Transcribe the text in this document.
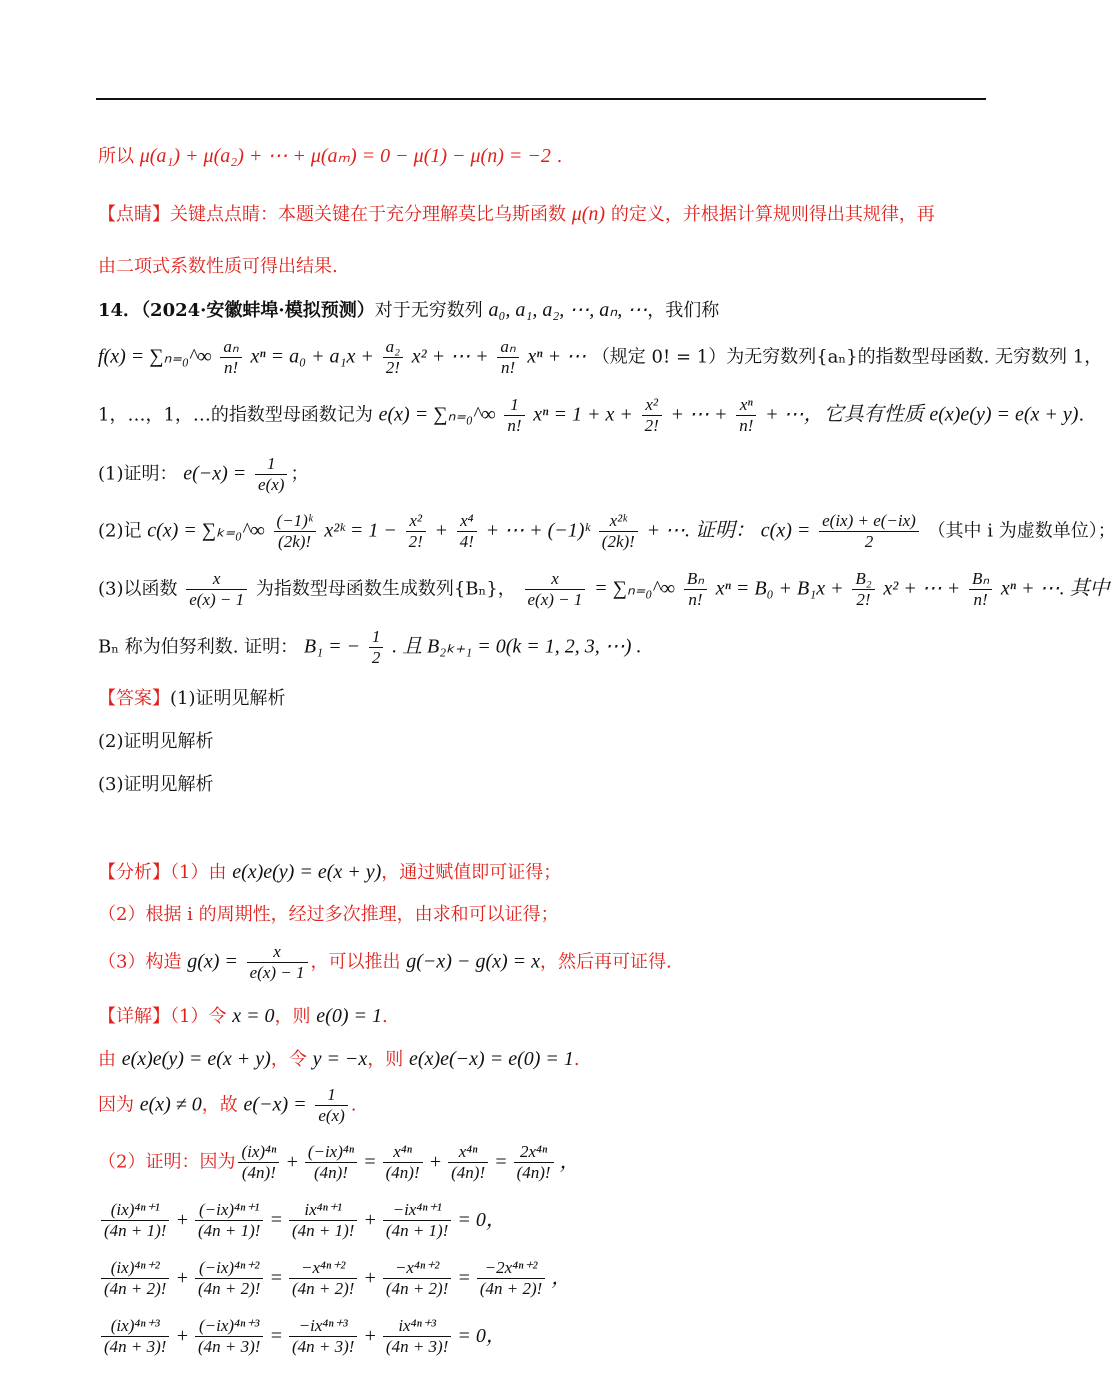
所以 μ(a₁) + μ(a₂) + ⋯ + μ(aₘ) = 0 − μ(1) − μ(n) = −2 .
【点睛】关键点点睛：本题关键在于充分理解莫比乌斯函数 μ(n) 的定义，并根据计算规则得出其规律，再
由二项式系数性质可得出结果.
14．（2024·安徽蚌埠·模拟预测）对于无穷数列 a₀, a₁, a₂, ⋯, aₙ, ⋯，我们称
f(x) = ∑ₙ₌₀^∞ $\frac{\text{aₙ}}{n!}$ $x^n = a_0 + a_1x + \frac{\text{a₂}}{2!} x^2$ + ⋯ + $\frac{\text{aₙ}}{n!}$ xⁿ + ⋯ （规定 0! = 1）为无穷数列{aₙ}的指数型母函数. 无穷数列 1，
1，…，1，…的指数型母函数记为 e(x) = ∑ₙ₌₀^∞ $\frac{1}{n!}$ $x^n = 1 + x + \frac{\text{x²}}{2!}$ + ⋯ + $\frac{\text{xⁿ}}{n!}$ + ⋯，它具有性质 e(x)e(y) = e(x + y).
(1)证明： $e(-x) = \frac{1}{e(x)}$ ；
(2)记 c(x) = ∑ₖ₌₀^∞ $\frac{\text{(−1)ᵏ}}{(2k)!}$ x²ᵏ = $1 - \frac{\text{x²}}{2!} + \frac{\text{x⁴}}{4!}$ + ⋯ + (−1)ᵏ $\frac{\text{x²ᵏ}}{(2k)!}$ + ⋯. 证明： $c(x) = \frac{e(ix) + e(-ix)}{2}$ （其中 i 为虚数单位）；
(3)以函数 $\frac{x}{e(x) - 1}$ 为指数型母函数生成数列{Bₙ}， $\frac{x}{e(x) - 1}$ = ∑ₙ₌₀^∞ $\frac{\text{Bₙ}}{n!}$ $x^n = B_0 + B_1x + \frac{\text{B₂}}{2!} x^2$ + ⋯ + $\frac{\text{Bₙ}}{n!}$ xⁿ + ⋯. 其中
Bₙ 称为伯努利数. 证明： B₁ = − $\frac{1}{2}$ . 且 B₂ₖ₊₁ = 0(k = 1, 2, 3, ⋯) .
【答案】(1)证明见解析
(2)证明见解析
(3)证明见解析
【分析】（1）由 e(x)e(y) = e(x + y)，通过赋值即可证得；
（2）根据 i 的周期性，经过多次推理，由求和可以证得；
（3）构造 $g(x) = \frac{x}{e(x) - 1}$ ，可以推出 g(−x) − g(x) = x，然后再可证得.
【详解】（1）令 x = 0，则 e(0) = 1.
由 e(x)e(y) = e(x + y)，令 y = −x，则 e(x)e(−x) = e(0) = 1.
因为 e(x) ≠ 0，故 $e(-x) = \frac{1}{e(x)}$ .
（2）证明：因为 $\frac{\text{(ix)⁴ⁿ}}{(4n)!} + \frac{\text{(−ix)⁴ⁿ}}{(4n)!} = \frac{\text{x⁴ⁿ}}{(4n)!} + \frac{\text{x⁴ⁿ}}{(4n)!} = \frac{\text{2x⁴ⁿ}}{(4n)!}$ ，
$\frac{\text{(ix)⁴ⁿ⁺¹}}{(4n + 1)!} + \frac{\text{(−ix)⁴ⁿ⁺¹}}{(4n + 1)!} = \frac{\text{ix⁴ⁿ⁺¹}}{(4n + 1)!} + \frac{\text{−ix⁴ⁿ⁺¹}}{(4n + 1)!} = 0$，
$\frac{\text{(ix)⁴ⁿ⁺²}}{(4n + 2)!} + \frac{\text{(−ix)⁴ⁿ⁺²}}{(4n + 2)!} = \frac{\text{−x⁴ⁿ⁺²}}{(4n + 2)!} + \frac{\text{−x⁴ⁿ⁺²}}{(4n + 2)!} = \frac{\text{−2x⁴ⁿ⁺²}}{(4n + 2)!}$ ，
$\frac{\text{(ix)⁴ⁿ⁺³}}{(4n + 3)!} + \frac{\text{(−ix)⁴ⁿ⁺³}}{(4n + 3)!} = \frac{\text{−ix⁴ⁿ⁺³}}{(4n + 3)!} + \frac{\text{ix⁴ⁿ⁺³}}{(4n + 3)!} = 0$，
